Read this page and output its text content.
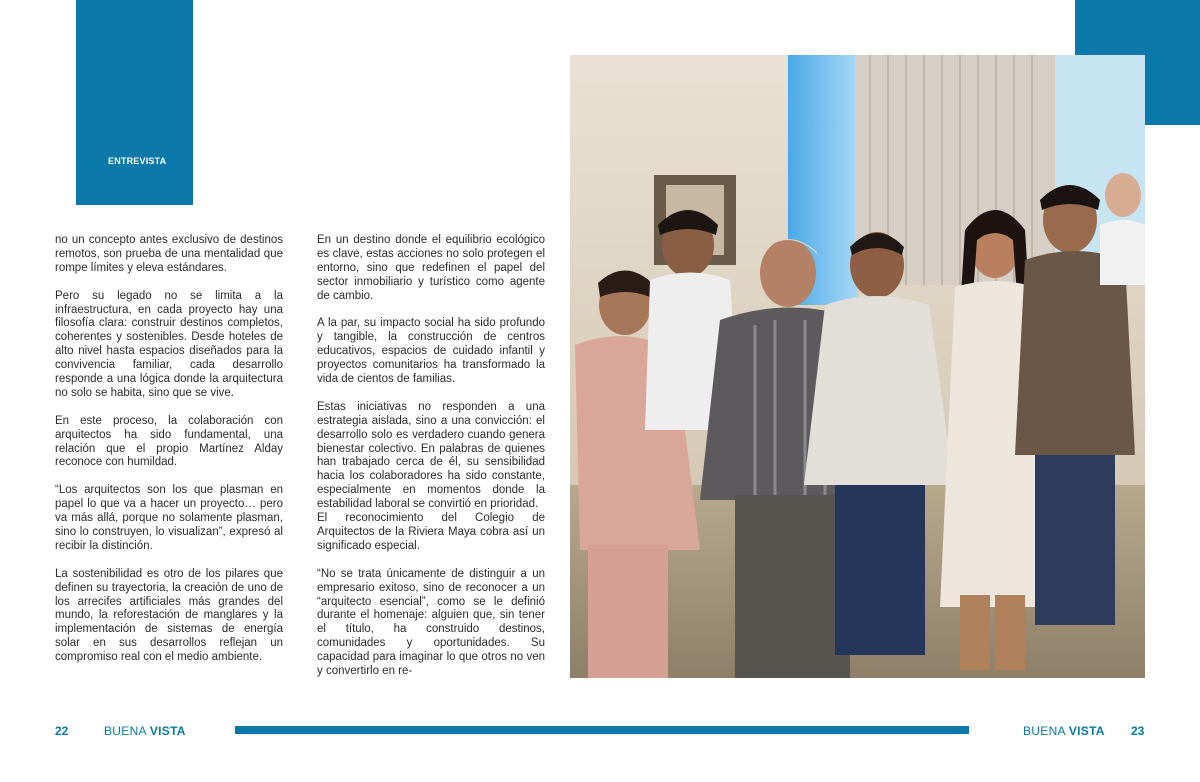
ENTREVISTA

no un concepto antes exclusivo de destinos remotos, son prueba de una mentalidad que rompe límites y eleva estándares.

Pero su legado no se limita a la infraestructura, en cada proyecto hay una filosofía clara: construir destinos completos, coherentes y sostenibles. Desde hoteles de alto nivel hasta espacios diseñados para la convivencia familiar, cada desarrollo responde a una lógica donde la arquitectura no solo se habita, sino que se vive.

En este proceso, la colaboración con arquitectos ha sido fundamental, una relación que el propio Martínez Alday reconoce con humildad.

“Los arquitectos son los que plasman en papel lo que va a hacer un proyecto… pero va más allá, porque no solamente plasman, sino lo construyen, lo visualizan”, expresó al recibir la distinción.

La sostenibilidad es otro de los pilares que definen su trayectoria, la creación de uno de los arrecifes artificiales más grandes del mundo, la reforestación de manglares y la implementación de sistemas de energía solar en sus desarrollos reflejan un compromiso real con el medio ambiente.

En un destino donde el equilibrio ecológico es clave, estas acciones no solo protegen el entorno, sino que redefinen el papel del sector inmobiliario y turístico como agente de cambio.

A la par, su impacto social ha sido profundo y tangible, la construcción de centros educativos, espacios de cuidado infantil y proyectos comunitarios ha transformado la vida de cientos de familias.

Estas iniciativas no responden a una estrategia aislada, sino a una convicción: el desarrollo solo es verdadero cuando genera bienestar colectivo. En palabras de quienes han trabajado cerca de él, su sensibilidad hacia los colaboradores ha sido constante, especialmente en momentos donde la estabilidad laboral se convirtió en prioridad.
El reconocimiento del Colegio de Arquitectos de la Riviera Maya cobra así un significado especial.

“No se trata únicamente de distinguir a un empresario exitoso, sino de reconocer a un “arquitecto esencial”, como se le definió durante el homenaje: alguien que, sin tener el título, ha construido destinos, comunidades y oportunidades. Su capacidad para imaginar lo que otros no ven y convertirlo en re-

22	BUENA VISTA	BUENA VISTA 23
